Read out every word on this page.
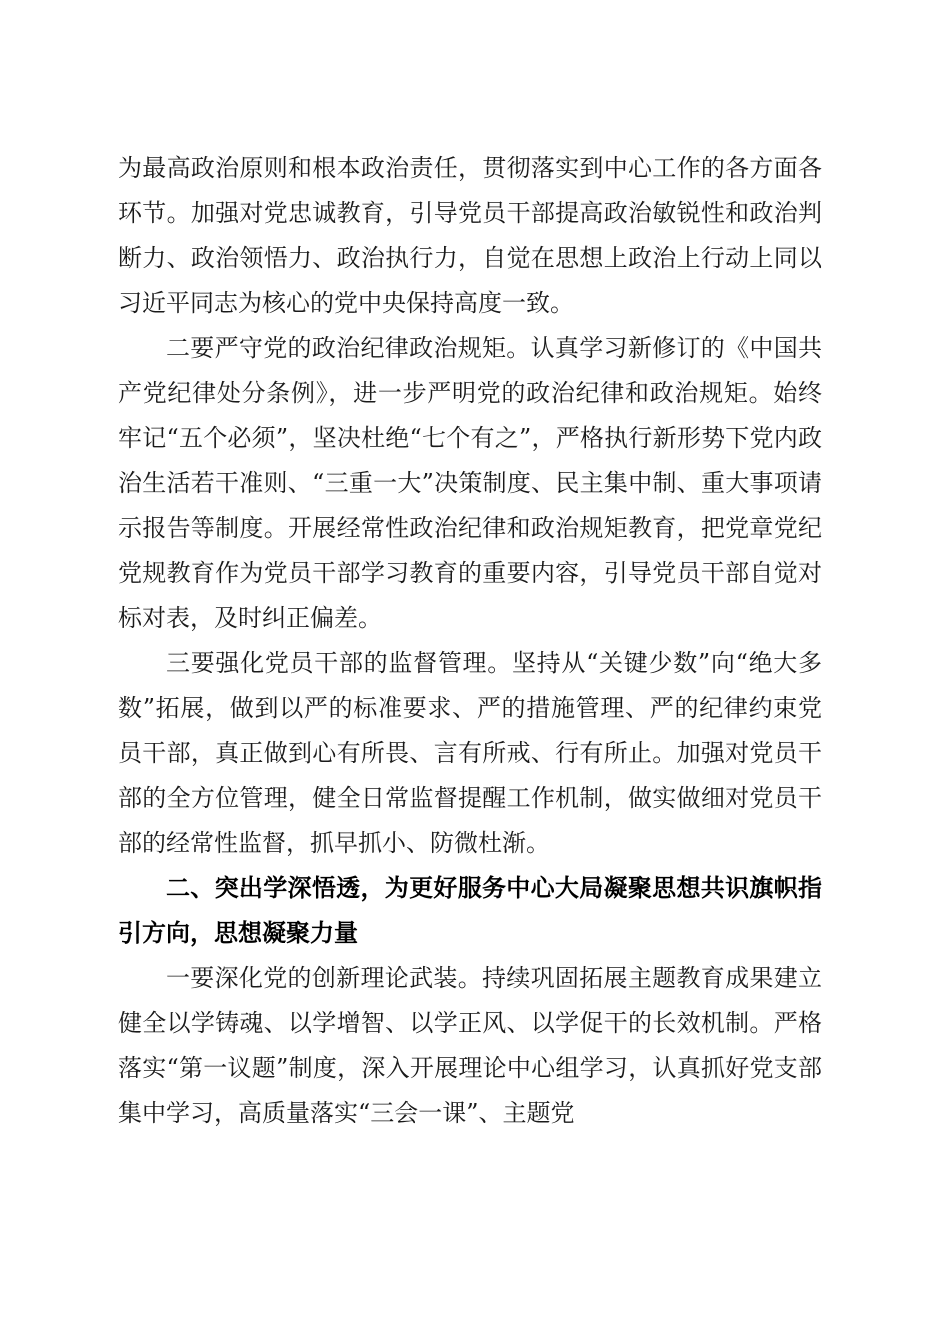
为最高政治原则和根本政治责任，贯彻落实到中心工作的各方面各环节。加强对党忠诚教育，引导党员干部提高政治敏锐性和政治判断力、政治领悟力、政治执行力，自觉在思想上政治上行动上同以习近平同志为核心的党中央保持高度一致。

二要严守党的政治纪律政治规矩。认真学习新修订的《中国共产党纪律处分条例》，进一步严明党的政治纪律和政治规矩。始终牢记“五个必须”，坚决杜绝“七个有之”，严格执行新形势下党内政治生活若干准则、“三重一大”决策制度、民主集中制、重大事项请示报告等制度。开展经常性政治纪律和政治规矩教育，把党章党纪党规教育作为党员干部学习教育的重要内容，引导党员干部自觉对标对表，及时纠正偏差。

三要强化党员干部的监督管理。坚持从“关键少数”向“绝大多数”拓展，做到以严的标准要求、严的措施管理、严的纪律约束党员干部，真正做到心有所畏、言有所戒、行有所止。加强对党员干部的全方位管理，健全日常监督提醒工作机制，做实做细对党员干部的经常性监督，抓早抓小、防微杜渐。

二、突出学深悟透，为更好服务中心大局凝聚思想共识旗帜指引方向，思想凝聚力量

一要深化党的创新理论武装。持续巩固拓展主题教育成果建立健全以学铸魂、以学增智、以学正风、以学促干的长效机制。严格落实“第一议题”制度，深入开展理论中心组学习，认真抓好党支部集中学习，高质量落实“三会一课”、主题党
